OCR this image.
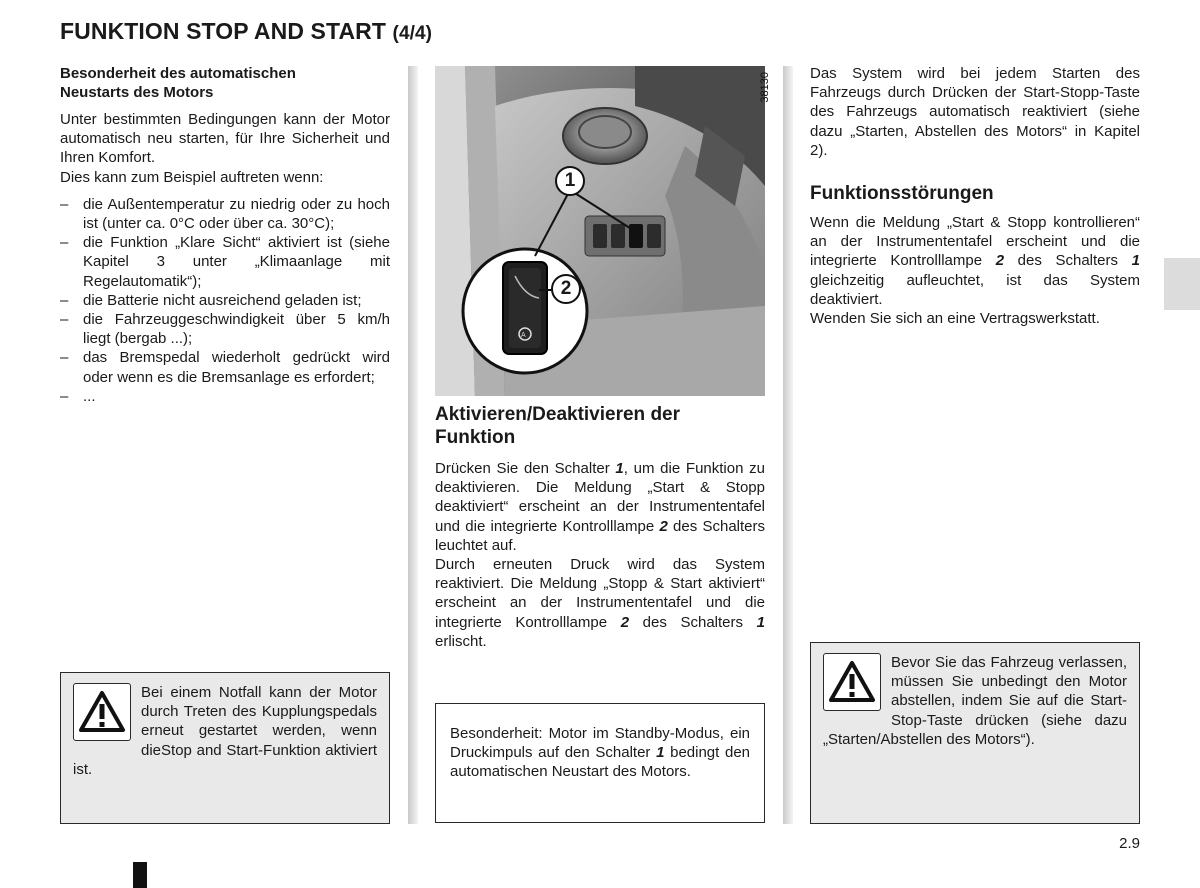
FUNKTION STOP AND START (4/4)
Besonderheit des automatischen
Neustarts des Motors
Unter bestimmten Bedingungen kann der Motor automatisch neu starten, für Ihre Sicherheit und Ihren Komfort.
Dies kann zum Beispiel auftreten wenn:
– die Außentemperatur zu niedrig oder zu hoch ist (unter ca. 0°C oder über ca. 30°C);
– die Funktion „Klare Sicht“ aktiviert ist (siehe Kapitel 3 unter „Klimaanlage mit Regelautomatik“);
– die Batterie nicht ausreichend geladen ist;
– die Fahrzeuggeschwindigkeit über 5 km/h liegt (bergab ...);
– das Bremspedal wiederholt gedrückt wird oder wenn es die Bremsanlage es erfordert;
– ...
Bei einem Notfall kann der Motor durch Treten des Kupplungspedals erneut gestartet werden, wenn dieStop and Start-Funktion aktiviert ist.
A
38130
1
2
Aktivieren/Deaktivieren der
Funktion
Drücken Sie den Schalter 1, um die Funktion zu deaktivieren. Die Meldung „Start & Stopp deaktiviert“ erscheint an der Instrumententafel und die integrierte Kontrolllampe 2 des Schalters leuchtet auf.
Durch erneuten Druck wird das System reaktiviert. Die Meldung „Stopp & Start aktiviert“ erscheint an der Instrumententafel und die integrierte Kontrolllampe 2 des Schalters 1 erlischt.
Besonderheit: Motor im Standby-Modus, ein Druckimpuls auf den Schalter 1 bedingt den automatischen Neustart des Motors.
Das System wird bei jedem Starten des Fahrzeugs durch Drücken der Start-Stopp-Taste des Fahrzeugs automatisch reaktiviert (siehe dazu „Starten, Abstellen des Motors“ in Kapitel 2).
Funktionsstörungen
Wenn die Meldung „Start & Stopp kontrollieren“ an der Instrumententafel erscheint und die integrierte Kontrolllampe 2 des Schalters 1 gleichzeitig aufleuchtet, ist das System deaktiviert.
Wenden Sie sich an eine Vertragswerkstatt.
Bevor Sie das Fahrzeug verlassen, müssen Sie unbedingt den Motor abstellen, indem Sie auf die Start-Stop-Taste drücken (siehe dazu „Starten/Abstellen des Motors“).
2.9
